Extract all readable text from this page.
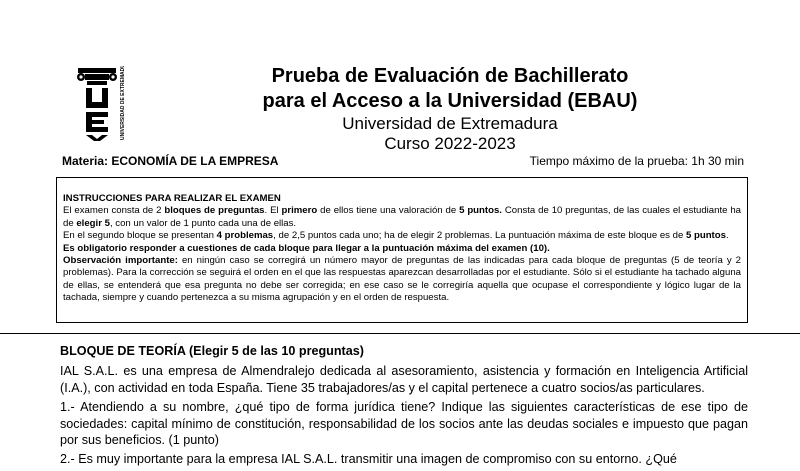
UNIVERSIDAD DE EXTREMADURA	Prueba de Evaluación de Bachillerato
para el Acceso a la Universidad (EBAU)
Universidad de Extremadura
Curso 2022-2023
Materia: ECONOMÍA DE LA EMPRESA	Tiempo máximo de la prueba: 1h 30 min

INSTRUCCIONES PARA REALIZAR EL EXAMEN

El examen consta de 2 bloques de preguntas. El primero de ellos tiene una valoración de 5 puntos. Consta de 10 preguntas, de las cuales el estudiante ha de elegir 5, con un valor de 1 punto cada una de ellas.

En el segundo bloque se presentan 4 problemas, de 2,5 puntos cada uno; ha de elegir 2 problemas. La puntuación máxima de este bloque es de 5 puntos.

Es obligatorio responder a cuestiones de cada bloque para llegar a la puntuación máxima del examen (10).

Observación importante: en ningún caso se corregirá un número mayor de preguntas de las indicadas para cada bloque de preguntas (5 de teoría y 2 problemas). Para la corrección se seguirá el orden en el que las respuestas aparezcan desarrolladas por el estudiante. Sólo si el estudiante ha tachado alguna de ellas, se entenderá que esa pregunta no debe ser corregida; en ese caso se le corregiría aquella que ocupase el correspondiente y lógico lugar de la tachada, siempre y cuando pertenezca a su misma agrupación y en el orden de respuesta.

BLOQUE DE TEORÍA (Elegir 5 de las 10 preguntas)

IAL S.A.L. es una empresa de Almendralejo dedicada al asesoramiento, asistencia y formación en Inteligencia Artificial (I.A.), con actividad en toda España. Tiene 35 trabajadores/as y el capital pertenece a cuatro socios/as particulares.

1.- Atendiendo a su nombre, ¿qué tipo de forma jurídica tiene? Indique las siguientes características de ese tipo de sociedades: capital mínimo de constitución, responsabilidad de los socios ante las deudas sociales e impuesto que pagan por sus beneficios. (1 punto)

2.- Es muy importante para la empresa IAL S.A.L. transmitir una imagen de compromiso con su entorno. ¿Qué
